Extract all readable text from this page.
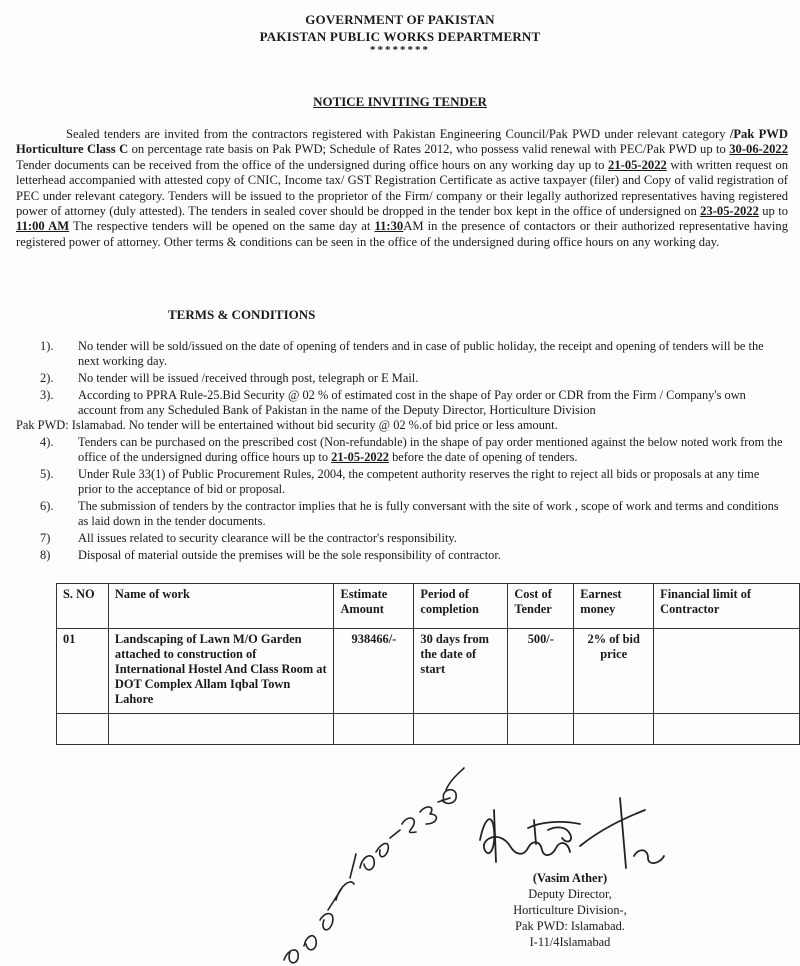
GOVERNMENT OF PAKISTAN
PAKISTAN PUBLIC WORKS DEPARTMERNT
********
NOTICE INVITING TENDER
Sealed tenders are invited from the contractors registered with Pakistan Engineering Council/Pak PWD under relevant category /Pak PWD Horticulture Class C on percentage rate basis on Pak PWD; Schedule of Rates 2012, who possess valid renewal with PEC/Pak PWD up to 30-06-2022 Tender documents can be received from the office of the undersigned during office hours on any working day up to 21-05-2022 with written request on letterhead accompanied with attested copy of CNIC, Income tax/ GST Registration Certificate as active taxpayer (filer) and Copy of valid registration of PEC under relevant category. Tenders will be issued to the proprietor of the Firm/ company or their legally authorized representatives having registered power of attorney (duly attested). The tenders in sealed cover should be dropped in the tender box kept in the office of undersigned on 23-05-2022 up to 11:00 AM The respective tenders will be opened on the same day at 11:30AM in the presence of contactors or their authorized representative having registered power of attorney. Other terms & conditions can be seen in the office of the undersigned during office hours on any working day.
TERMS & CONDITIONS
1). No tender will be sold/issued on the date of opening of tenders and in case of public holiday, the receipt and opening of tenders will be the next working day.
2). No tender will be issued /received through post, telegraph or E Mail.
3). According to PPRA Rule-25.Bid Security @ 02 % of estimated cost in the shape of Pay order or CDR from the Firm / Company's own account from any Scheduled Bank of Pakistan in the name of the Deputy Director, Horticulture Division
Pak PWD: Islamabad. No tender will be entertained without bid security @ 02 %.of bid price or less amount.
4). Tenders can be purchased on the prescribed cost (Non-refundable) in the shape of pay order mentioned against the below noted work from the office of the undersigned during office hours up to 21-05-2022 before the date of opening of tenders.
5). Under Rule 33(1) of Public Procurement Rules, 2004, the competent authority reserves the right to reject all bids or proposals at any time prior to the acceptance of bid or proposal.
6). The submission of tenders by the contractor implies that he is fully conversant with the site of work , scope of work and terms and conditions as laid down in the tender documents.
7) All issues related to security clearance will be the contractor's responsibility.
8) Disposal of material outside the premises will be the sole responsibility of contractor.
S. NO	Name of work	Estimate Amount	Period of completion	Cost of Tender	Earnest money	Financial limit of Contractor
01	Landscaping of Lawn M/O Garden attached to construction of International Hostel And Class Room at DOT Complex Allam Iqbal Town Lahore	938466/-	30 days from the date of start	500/-	2% of bid price	

(Vasim Ather)
Deputy Director,
Horticulture Division-,
Pak PWD: Islamabad.
I-11/4Islamabad
